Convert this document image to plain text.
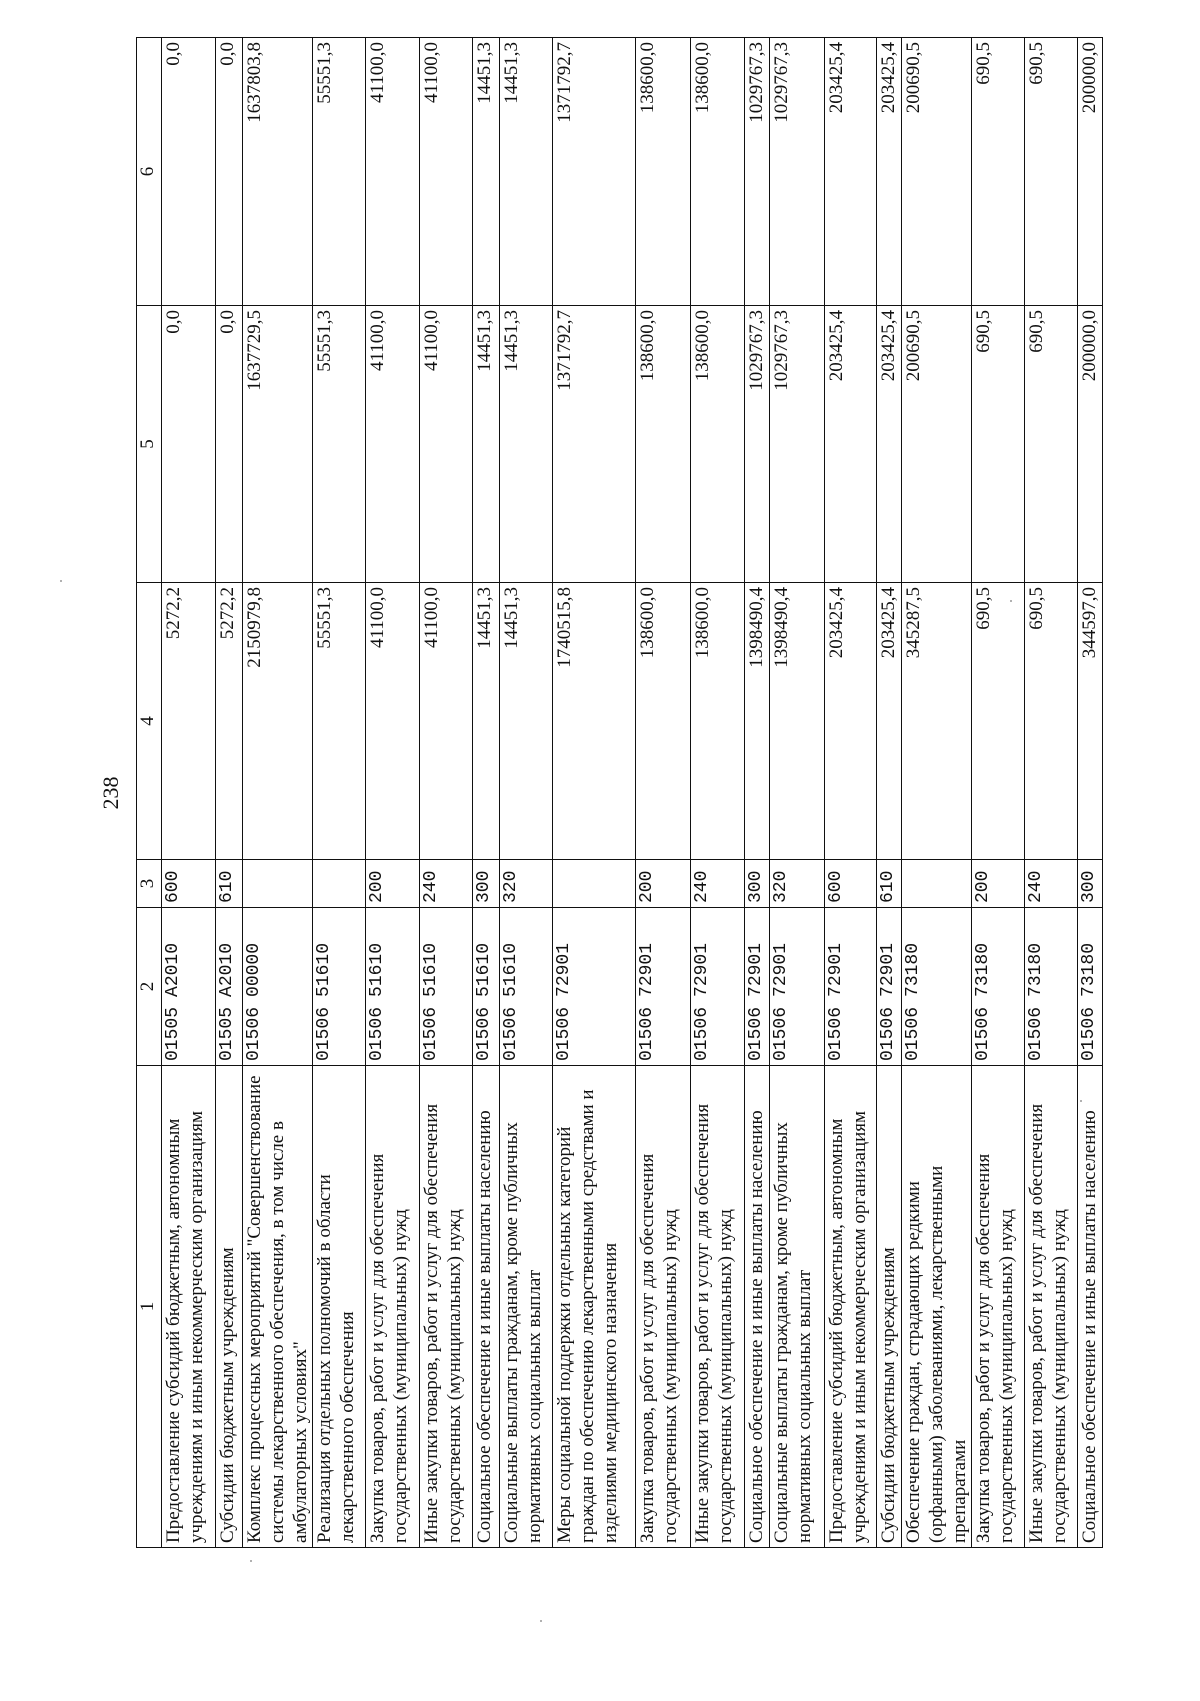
238
1	2	3	4	5	6
Предоставление субсидий бюджетным, автономным учреждениям и иным некоммерческим организациям	01505A2010	600	5272,2	0,0	0,0
Субсидии бюджетным учреждениям	01505A2010	610	5272,2	0,0	0,0
Комплекс процессных мероприятий "Совершенствование системы лекарственного обеспечения, в том числе в амбулаторных условиях"	0150600000		2150979,8	1637729,5	1637803,8
Реализация отдельных полномочий в области лекарственного обеспечения	0150651610		55551,3	55551,3	55551,3
Закупка товаров, работ и услуг для обеспечения государственных (муниципальных) нужд	0150651610	200	41100,0	41100,0	41100,0
Иные закупки товаров, работ и услуг для обеспечения государственных (муниципальных) нужд	0150651610	240	41100,0	41100,0	41100,0
Социальное обеспечение и иные выплаты населению	0150651610	300	14451,3	14451,3	14451,3
Социальные выплаты гражданам, кроме публичных нормативных социальных выплат	0150651610	320	14451,3	14451,3	14451,3
Меры социальной поддержки отдельных категорий граждан по обеспечению лекарственными средствами и изделиями медицинского назначения	0150672901		1740515,8	1371792,7	1371792,7
Закупка товаров, работ и услуг для обеспечения государственных (муниципальных) нужд	0150672901	200	138600,0	138600,0	138600,0
Иные закупки товаров, работ и услуг для обеспечения государственных (муниципальных) нужд	0150672901	240	138600,0	138600,0	138600,0
Социальное обеспечение и иные выплаты населению	0150672901	300	1398490,4	1029767,3	1029767,3
Социальные выплаты гражданам, кроме публичных нормативных социальных выплат	0150672901	320	1398490,4	1029767,3	1029767,3
Предоставление субсидий бюджетным, автономным учреждениям и иным некоммерческим организациям	0150672901	600	203425,4	203425,4	203425,4
Субсидии бюджетным учреждениям	0150672901	610	203425,4	203425,4	203425,4
Обеспечение граждан, страдающих редкими (орфанными) заболеваниями, лекарственными препаратами	0150673180		345287,5	200690,5	200690,5
Закупка товаров, работ и услуг для обеспечения государственных (муниципальных) нужд	0150673180	200	690,5	690,5	690,5
Иные закупки товаров, работ и услуг для обеспечения государственных (муниципальных) нужд	0150673180	240	690,5	690,5	690,5
Социальное обеспечение и иные выплаты населению	0150673180	300	344597,0	200000,0	200000,0
